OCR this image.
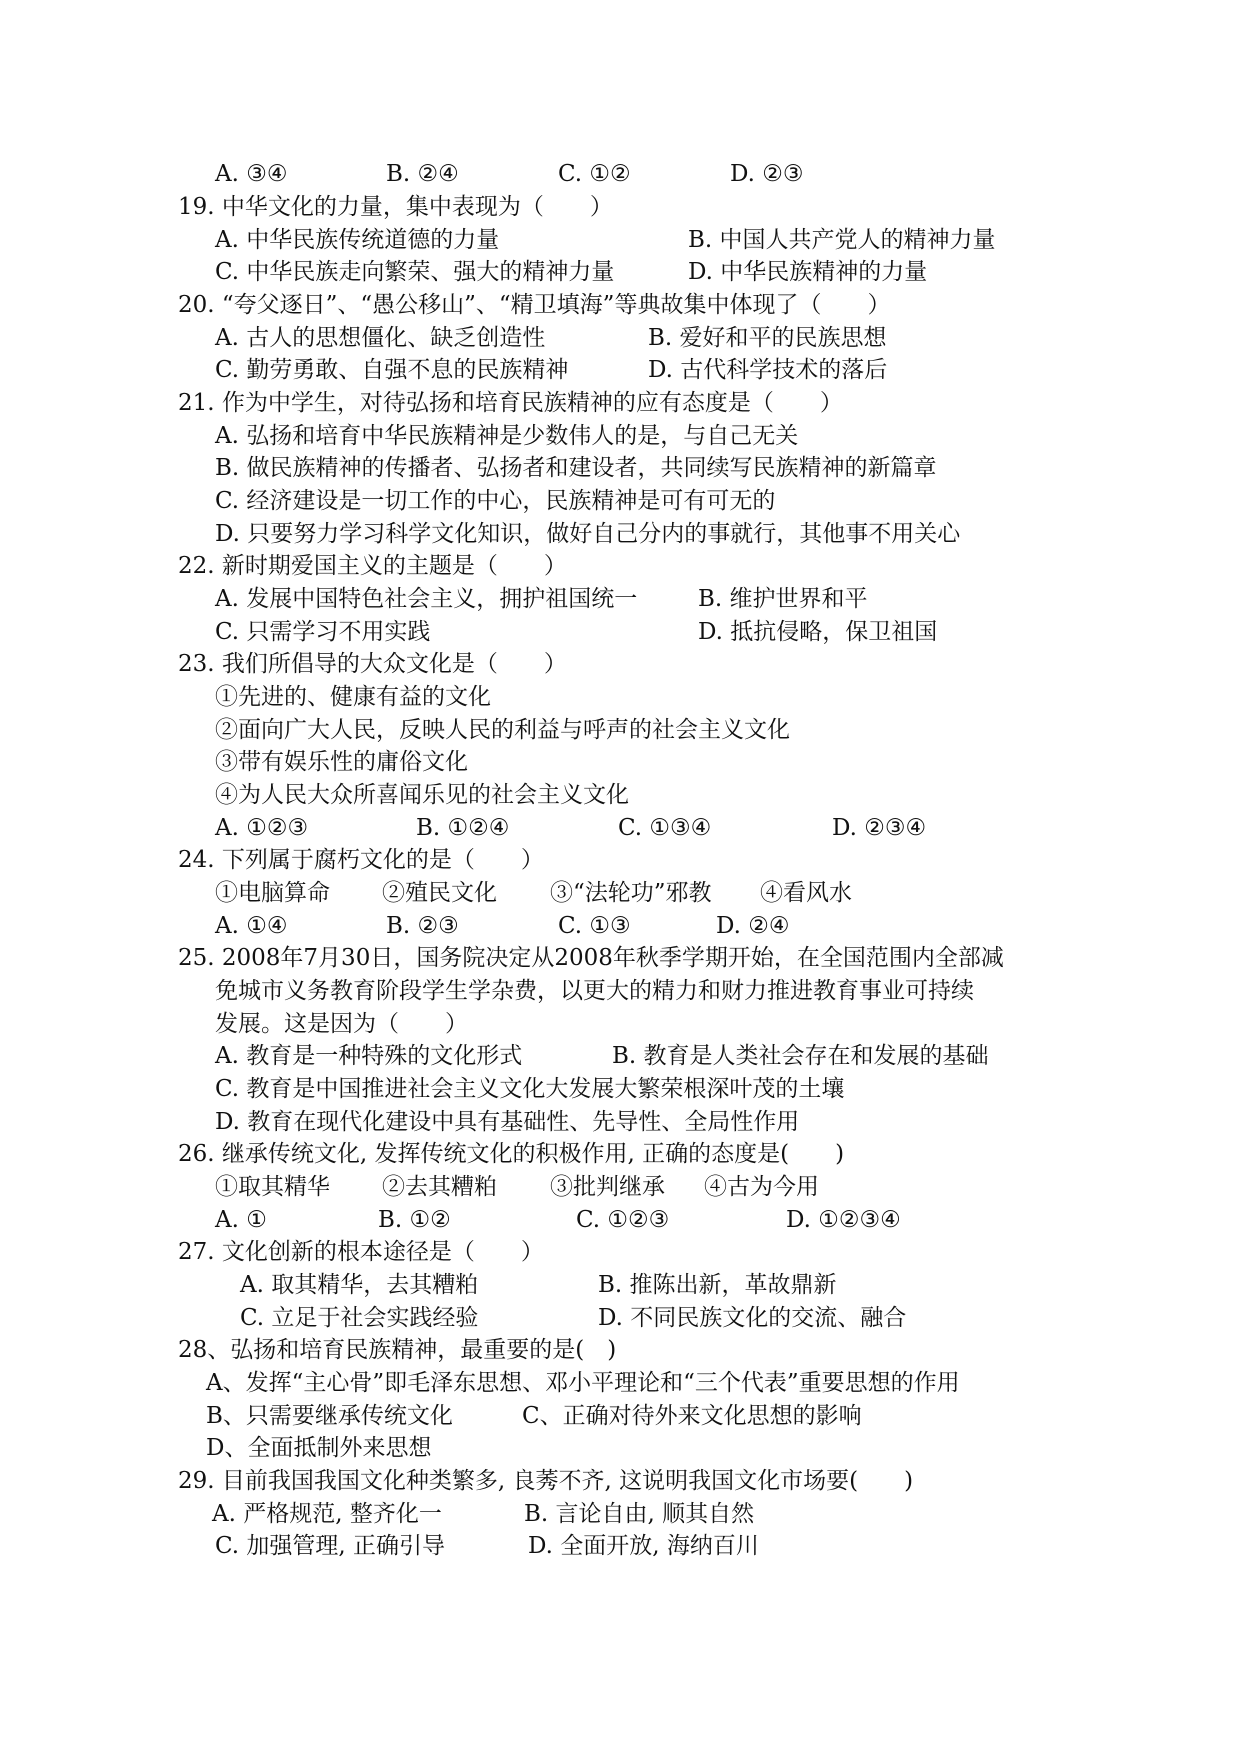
A. ③④	B. ②④	C. ①②	D. ②③
19. 中华文化的力量，集中表现为（　　）
A. 中华民族传统道德的力量	B. 中国人共产党人的精神力量
C. 中华民族走向繁荣、强大的精神力量	D. 中华民族精神的力量
20. “夸父逐日”、“愚公移山”、“精卫填海”等典故集中体现了（　　）
A. 古人的思想僵化、缺乏创造性	B. 爱好和平的民族思想
C. 勤劳勇敢、自强不息的民族精神	D. 古代科学技术的落后
21. 作为中学生，对待弘扬和培育民族精神的应有态度是（　　）
A. 弘扬和培育中华民族精神是少数伟人的是，与自己无关
B. 做民族精神的传播者、弘扬者和建设者，共同续写民族精神的新篇章
C. 经济建设是一切工作的中心，民族精神是可有可无的
D. 只要努力学习科学文化知识，做好自己分内的事就行，其他事不用关心
22. 新时期爱国主义的主题是（　　）
A. 发展中国特色社会主义，拥护祖国统一	B. 维护世界和平
C. 只需学习不用实践	D. 抵抗侵略，保卫祖国
23. 我们所倡导的大众文化是（　　）
①先进的、健康有益的文化
②面向广大人民，反映人民的利益与呼声的社会主义文化
③带有娱乐性的庸俗文化
④为人民大众所喜闻乐见的社会主义文化
A. ①②③	B. ①②④	C. ①③④	D. ②③④
24. 下列属于腐朽文化的是（　　）
①电脑算命 ②殖民文化 ③“法轮功”邪教 ④看风水
A. ①④	B. ②③	C. ①③	D. ②④
25. 2008年7月30日，国务院决定从2008年秋季学期开始，在全国范围内全部减
免城市义务教育阶段学生学杂费，以更大的精力和财力推进教育事业可持续
发展。这是因为（　　）
A. 教育是一种特殊的文化形式	B. 教育是人类社会存在和发展的基础
C. 教育是中国推进社会主义文化大发展大繁荣根深叶茂的土壤
D. 教育在现代化建设中具有基础性、先导性、全局性作用
26. 继承传统文化, 发挥传统文化的积极作用, 正确的态度是(　　)
①取其精华 ②去其糟粕 ③批判继承 ④古为今用
A. ①	B. ①②	C. ①②③	D. ①②③④
27. 文化创新的根本途径是（　　）
A. 取其精华，去其糟粕	B. 推陈出新，革故鼎新
C. 立足于社会实践经验	D. 不同民族文化的交流、融合
28、弘扬和培育民族精神，最重要的是(　)
A、发挥“主心骨”即毛泽东思想、邓小平理论和“三个代表”重要思想的作用
B、只需要继承传统文化	C、正确对待外来文化思想的影响
D、全面抵制外来思想
29. 目前我国我国文化种类繁多, 良莠不齐, 这说明我国文化市场要(　　)
A. 严格规范, 整齐化一	B. 言论自由, 顺其自然
C. 加强管理, 正确引导	D. 全面开放, 海纳百川
